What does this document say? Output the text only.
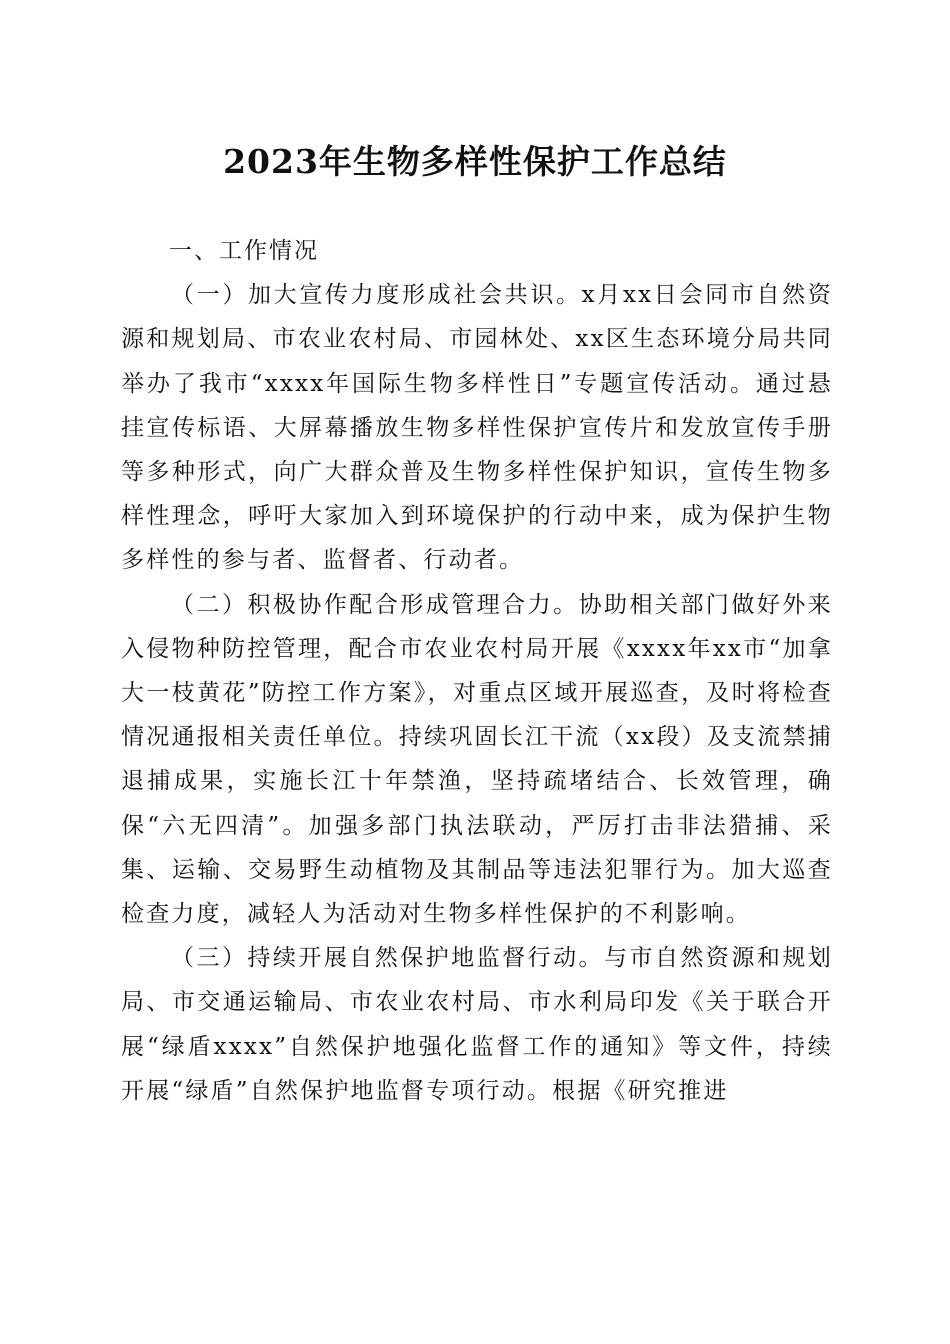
2023年生物多样性保护工作总结
一、工作情况

（一）加大宣传力度形成社会共识。x月xx日会同市自然资源和规划局、市农业农村局、市园林处、xx区生态环境分局共同举办了我市“xxxx年国际生物多样性日”专题宣传活动。通过悬挂宣传标语、大屏幕播放生物多样性保护宣传片和发放宣传手册等多种形式，向广大群众普及生物多样性保护知识，宣传生物多样性理念，呼吁大家加入到环境保护的行动中来，成为保护生物多样性的参与者、监督者、行动者。

（二）积极协作配合形成管理合力。协助相关部门做好外来入侵物种防控管理，配合市农业农村局开展《xxxx年xx市“加拿大一枝黄花”防控工作方案》，对重点区域开展巡查，及时将检查情况通报相关责任单位。持续巩固长江干流（xx段）及支流禁捕退捕成果，实施长江十年禁渔，坚持疏堵结合、长效管理，确保“六无四清”。加强多部门执法联动，严厉打击非法猎捕、采集、运输、交易野生动植物及其制品等违法犯罪行为。加大巡查检查力度，减轻人为活动对生物多样性保护的不利影响。

（三）持续开展自然保护地监督行动。与市自然资源和规划局、市交通运输局、市农业农村局、市水利局印发《关于联合开展“绿盾xxxx”自然保护地强化监督工作的通知》等文件，持续开展“绿盾”自然保护地监督专项行动。根据《研究推进
